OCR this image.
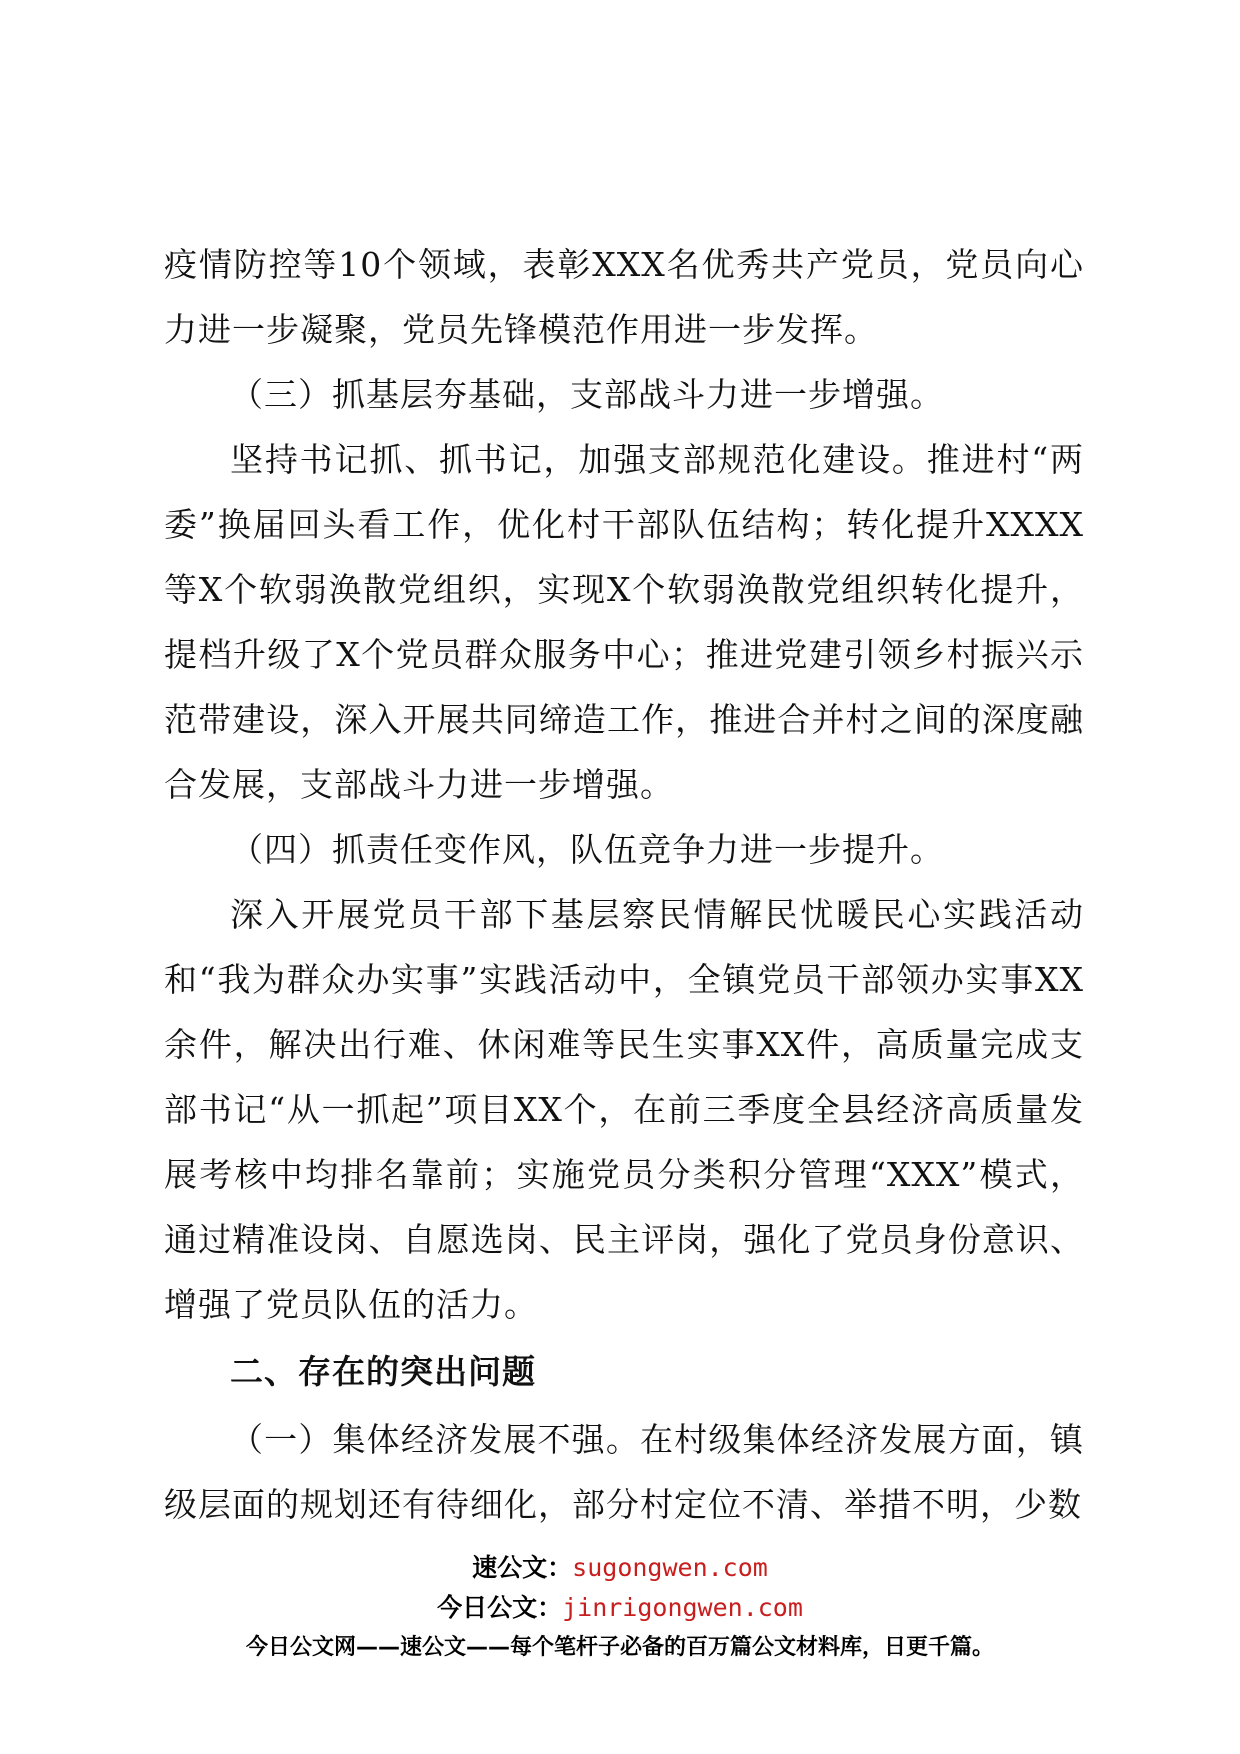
疫情防控等10个领域，表彰XXX名优秀共产党员，党员向心力进一步凝聚，党员先锋模范作用进一步发挥。

（三）抓基层夯基础，支部战斗力进一步增强。

坚持书记抓、抓书记，加强支部规范化建设。推进村“两委”换届回头看工作，优化村干部队伍结构；转化提升XXXX等X个软弱涣散党组织，实现X个软弱涣散党组织转化提升，提档升级了X个党员群众服务中心；推进党建引领乡村振兴示范带建设，深入开展共同缔造工作，推进合并村之间的深度融合发展，支部战斗力进一步增强。

（四）抓责任变作风，队伍竞争力进一步提升。

深入开展党员干部下基层察民情解民忧暖民心实践活动和“我为群众办实事”实践活动中，全镇党员干部领办实事XX余件，解决出行难、休闲难等民生实事XX件，高质量完成支部书记“从一抓起”项目XX个，在前三季度全县经济高质量发展考核中均排名靠前；实施党员分类积分管理“XXX”模式，通过精准设岗、自愿选岗、民主评岗，强化了党员身份意识、增强了党员队伍的活力。

二、存在的突出问题

（一）集体经济发展不强。在村级集体经济发展方面，镇级层面的规划还有待细化，部分村定位不清、举措不明，少数

速公文：sugongwen.com
今日公文：jinrigongwen.com
今日公文网——速公文——每个笔杆子必备的百万篇公文材料库，日更千篇。
